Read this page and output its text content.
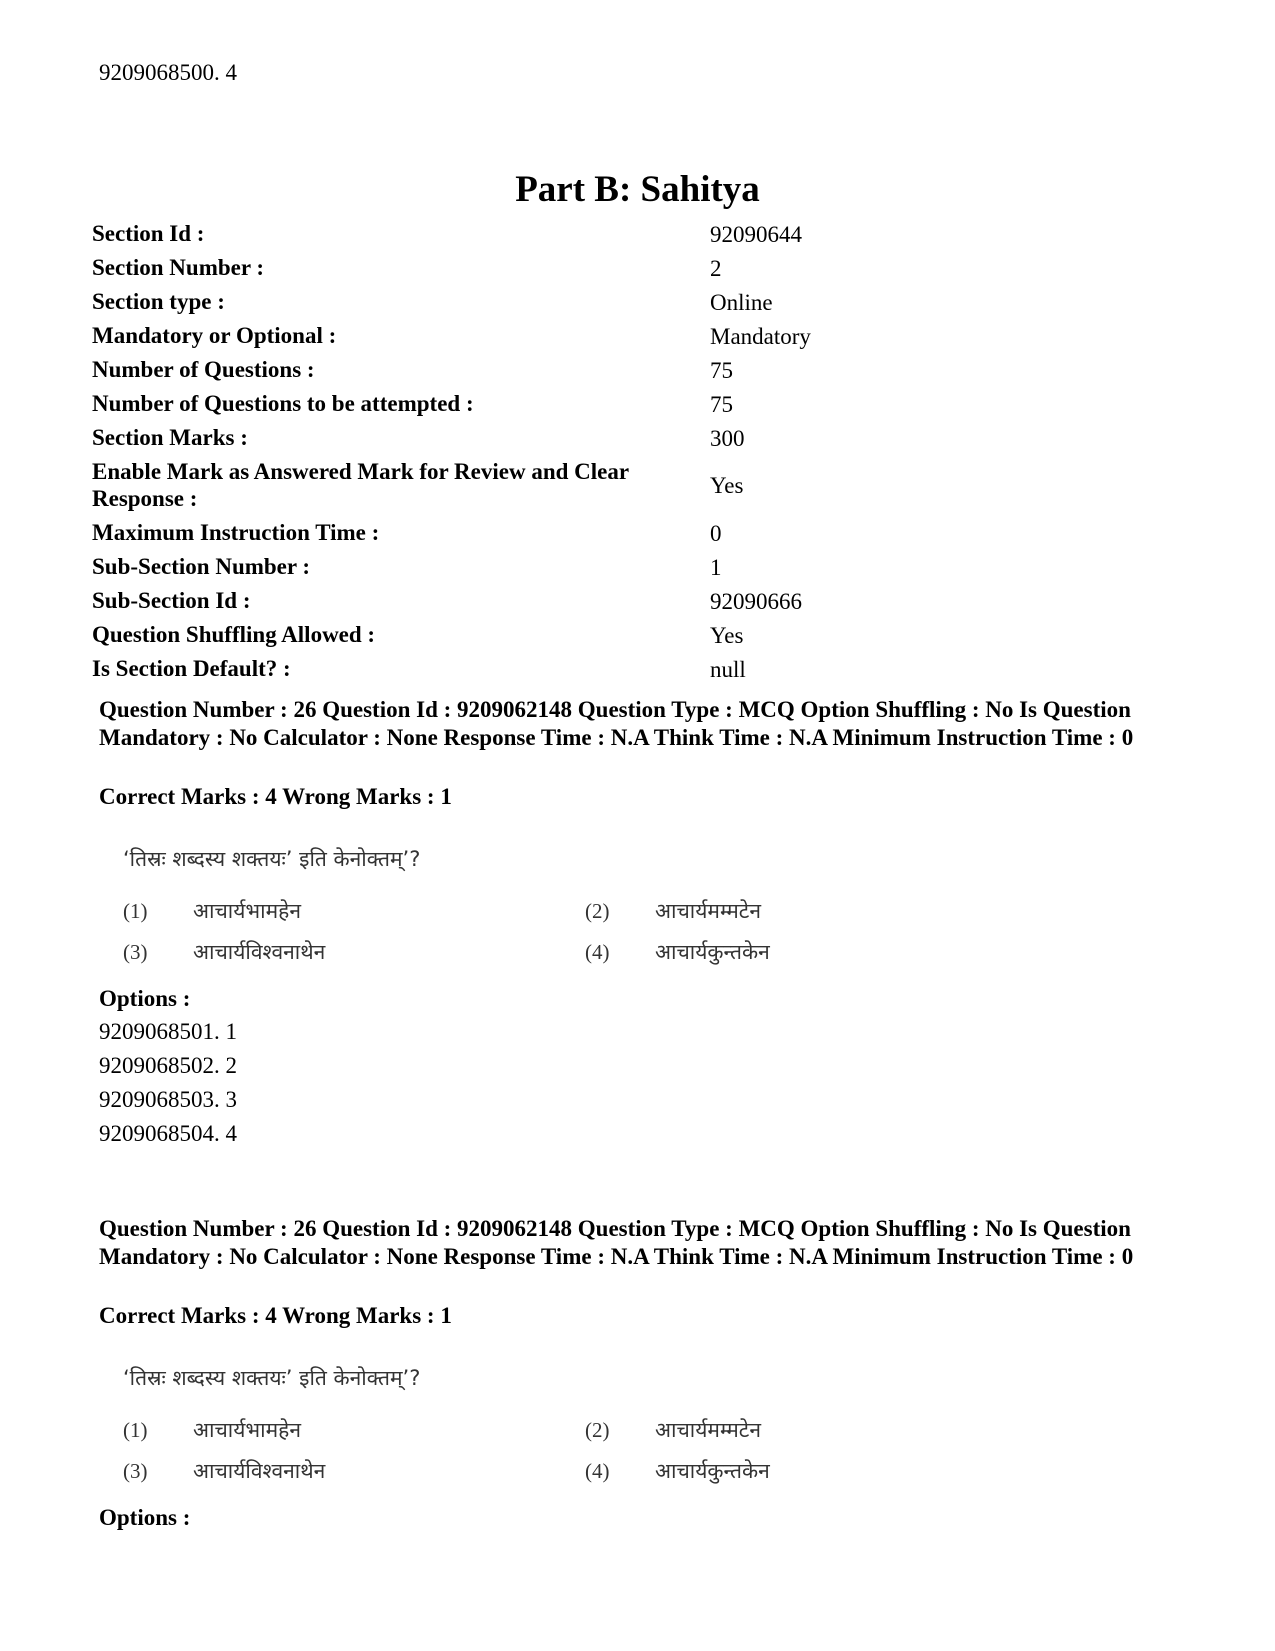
9209068500. 4
Part B: Sahitya
Section Id :	92090644
Section Number :	2
Section type :	Online
Mandatory or Optional :	Mandatory
Number of Questions :	75
Number of Questions to be attempted :	75
Section Marks :	300
Enable Mark as Answered Mark for Review and Clear Response :	Yes
Maximum Instruction Time :	0
Sub-Section Number :	1
Sub-Section Id :	92090666
Question Shuffling Allowed :	Yes
Is Section Default? :	null
Question Number : 26 Question Id : 9209062148 Question Type : MCQ Option Shuffling : No Is Question Mandatory : No Calculator : None Response Time : N.A Think Time : N.A Minimum Instruction Time : 0
Correct Marks : 4 Wrong Marks : 1
‘तिस्रः शब्दस्य शक्तयः’ इति केनोक्तम्’?
(1) आचार्यभामहेन	(2) आचार्यमम्मटेन
(3) आचार्यविश्वनाथेन	(4) आचार्यकुन्तकेन
Options :
9209068501. 1
9209068502. 2
9209068503. 3
9209068504. 4
Question Number : 26 Question Id : 9209062148 Question Type : MCQ Option Shuffling : No Is Question Mandatory : No Calculator : None Response Time : N.A Think Time : N.A Minimum Instruction Time : 0
Correct Marks : 4 Wrong Marks : 1
‘तिस्रः शब्दस्य शक्तयः’ इति केनोक्तम्’?
(1) आचार्यभामहेन	(2) आचार्यमम्मटेन
(3) आचार्यविश्वनाथेन	(4) आचार्यकुन्तकेन
Options :
